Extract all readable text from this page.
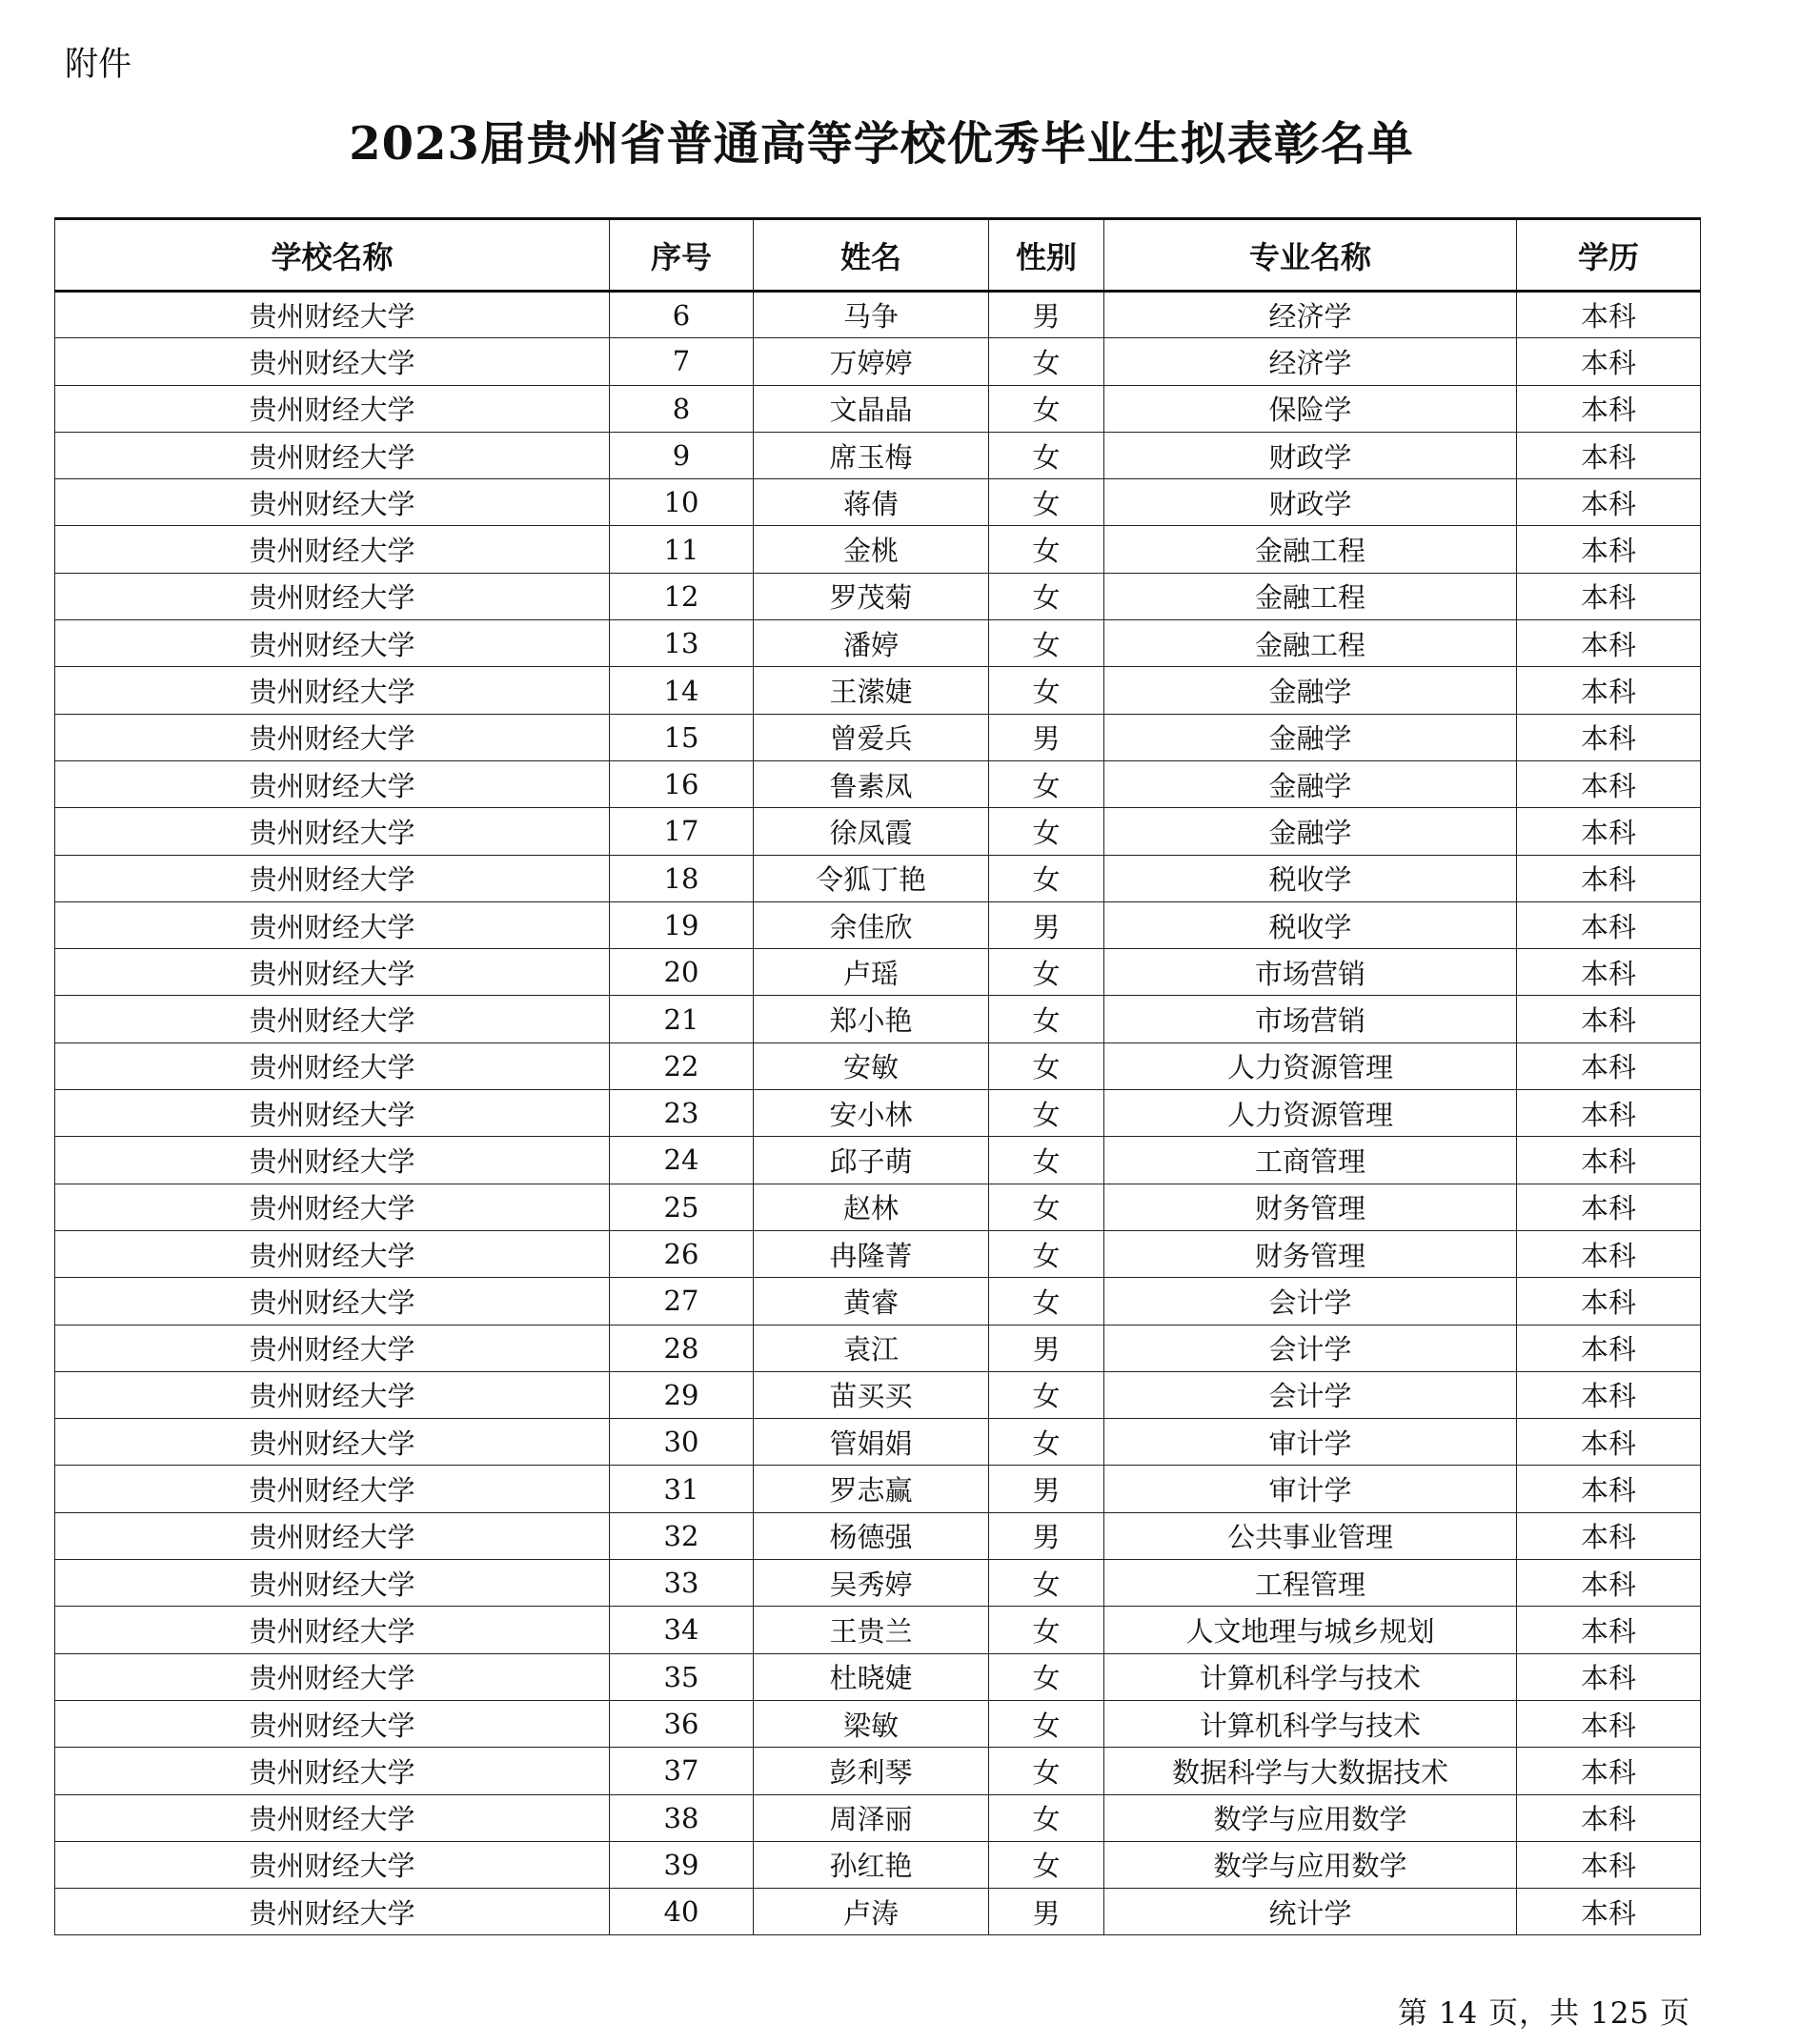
附件
2023届贵州省普通高等学校优秀毕业生拟表彰名单
学校名称	序号	姓名	性别	专业名称	学历
贵州财经大学	6	马争	男	经济学	本科
贵州财经大学	7	万婷婷	女	经济学	本科
贵州财经大学	8	文晶晶	女	保险学	本科
贵州财经大学	9	席玉梅	女	财政学	本科
贵州财经大学	10	蒋倩	女	财政学	本科
贵州财经大学	11	金桃	女	金融工程	本科
贵州财经大学	12	罗茂菊	女	金融工程	本科
贵州财经大学	13	潘婷	女	金融工程	本科
贵州财经大学	14	王潆婕	女	金融学	本科
贵州财经大学	15	曾爱兵	男	金融学	本科
贵州财经大学	16	鲁素凤	女	金融学	本科
贵州财经大学	17	徐凤霞	女	金融学	本科
贵州财经大学	18	令狐丁艳	女	税收学	本科
贵州财经大学	19	余佳欣	男	税收学	本科
贵州财经大学	20	卢瑶	女	市场营销	本科
贵州财经大学	21	郑小艳	女	市场营销	本科
贵州财经大学	22	安敏	女	人力资源管理	本科
贵州财经大学	23	安小林	女	人力资源管理	本科
贵州财经大学	24	邱子萌	女	工商管理	本科
贵州财经大学	25	赵林	女	财务管理	本科
贵州财经大学	26	冉隆菁	女	财务管理	本科
贵州财经大学	27	黄睿	女	会计学	本科
贵州财经大学	28	袁江	男	会计学	本科
贵州财经大学	29	苗买买	女	会计学	本科
贵州财经大学	30	管娟娟	女	审计学	本科
贵州财经大学	31	罗志赢	男	审计学	本科
贵州财经大学	32	杨德强	男	公共事业管理	本科
贵州财经大学	33	吴秀婷	女	工程管理	本科
贵州财经大学	34	王贵兰	女	人文地理与城乡规划	本科
贵州财经大学	35	杜晓婕	女	计算机科学与技术	本科
贵州财经大学	36	梁敏	女	计算机科学与技术	本科
贵州财经大学	37	彭利琴	女	数据科学与大数据技术	本科
贵州财经大学	38	周泽丽	女	数学与应用数学	本科
贵州财经大学	39	孙红艳	女	数学与应用数学	本科
贵州财经大学	40	卢涛	男	统计学	本科
第 14 页，共 125 页
